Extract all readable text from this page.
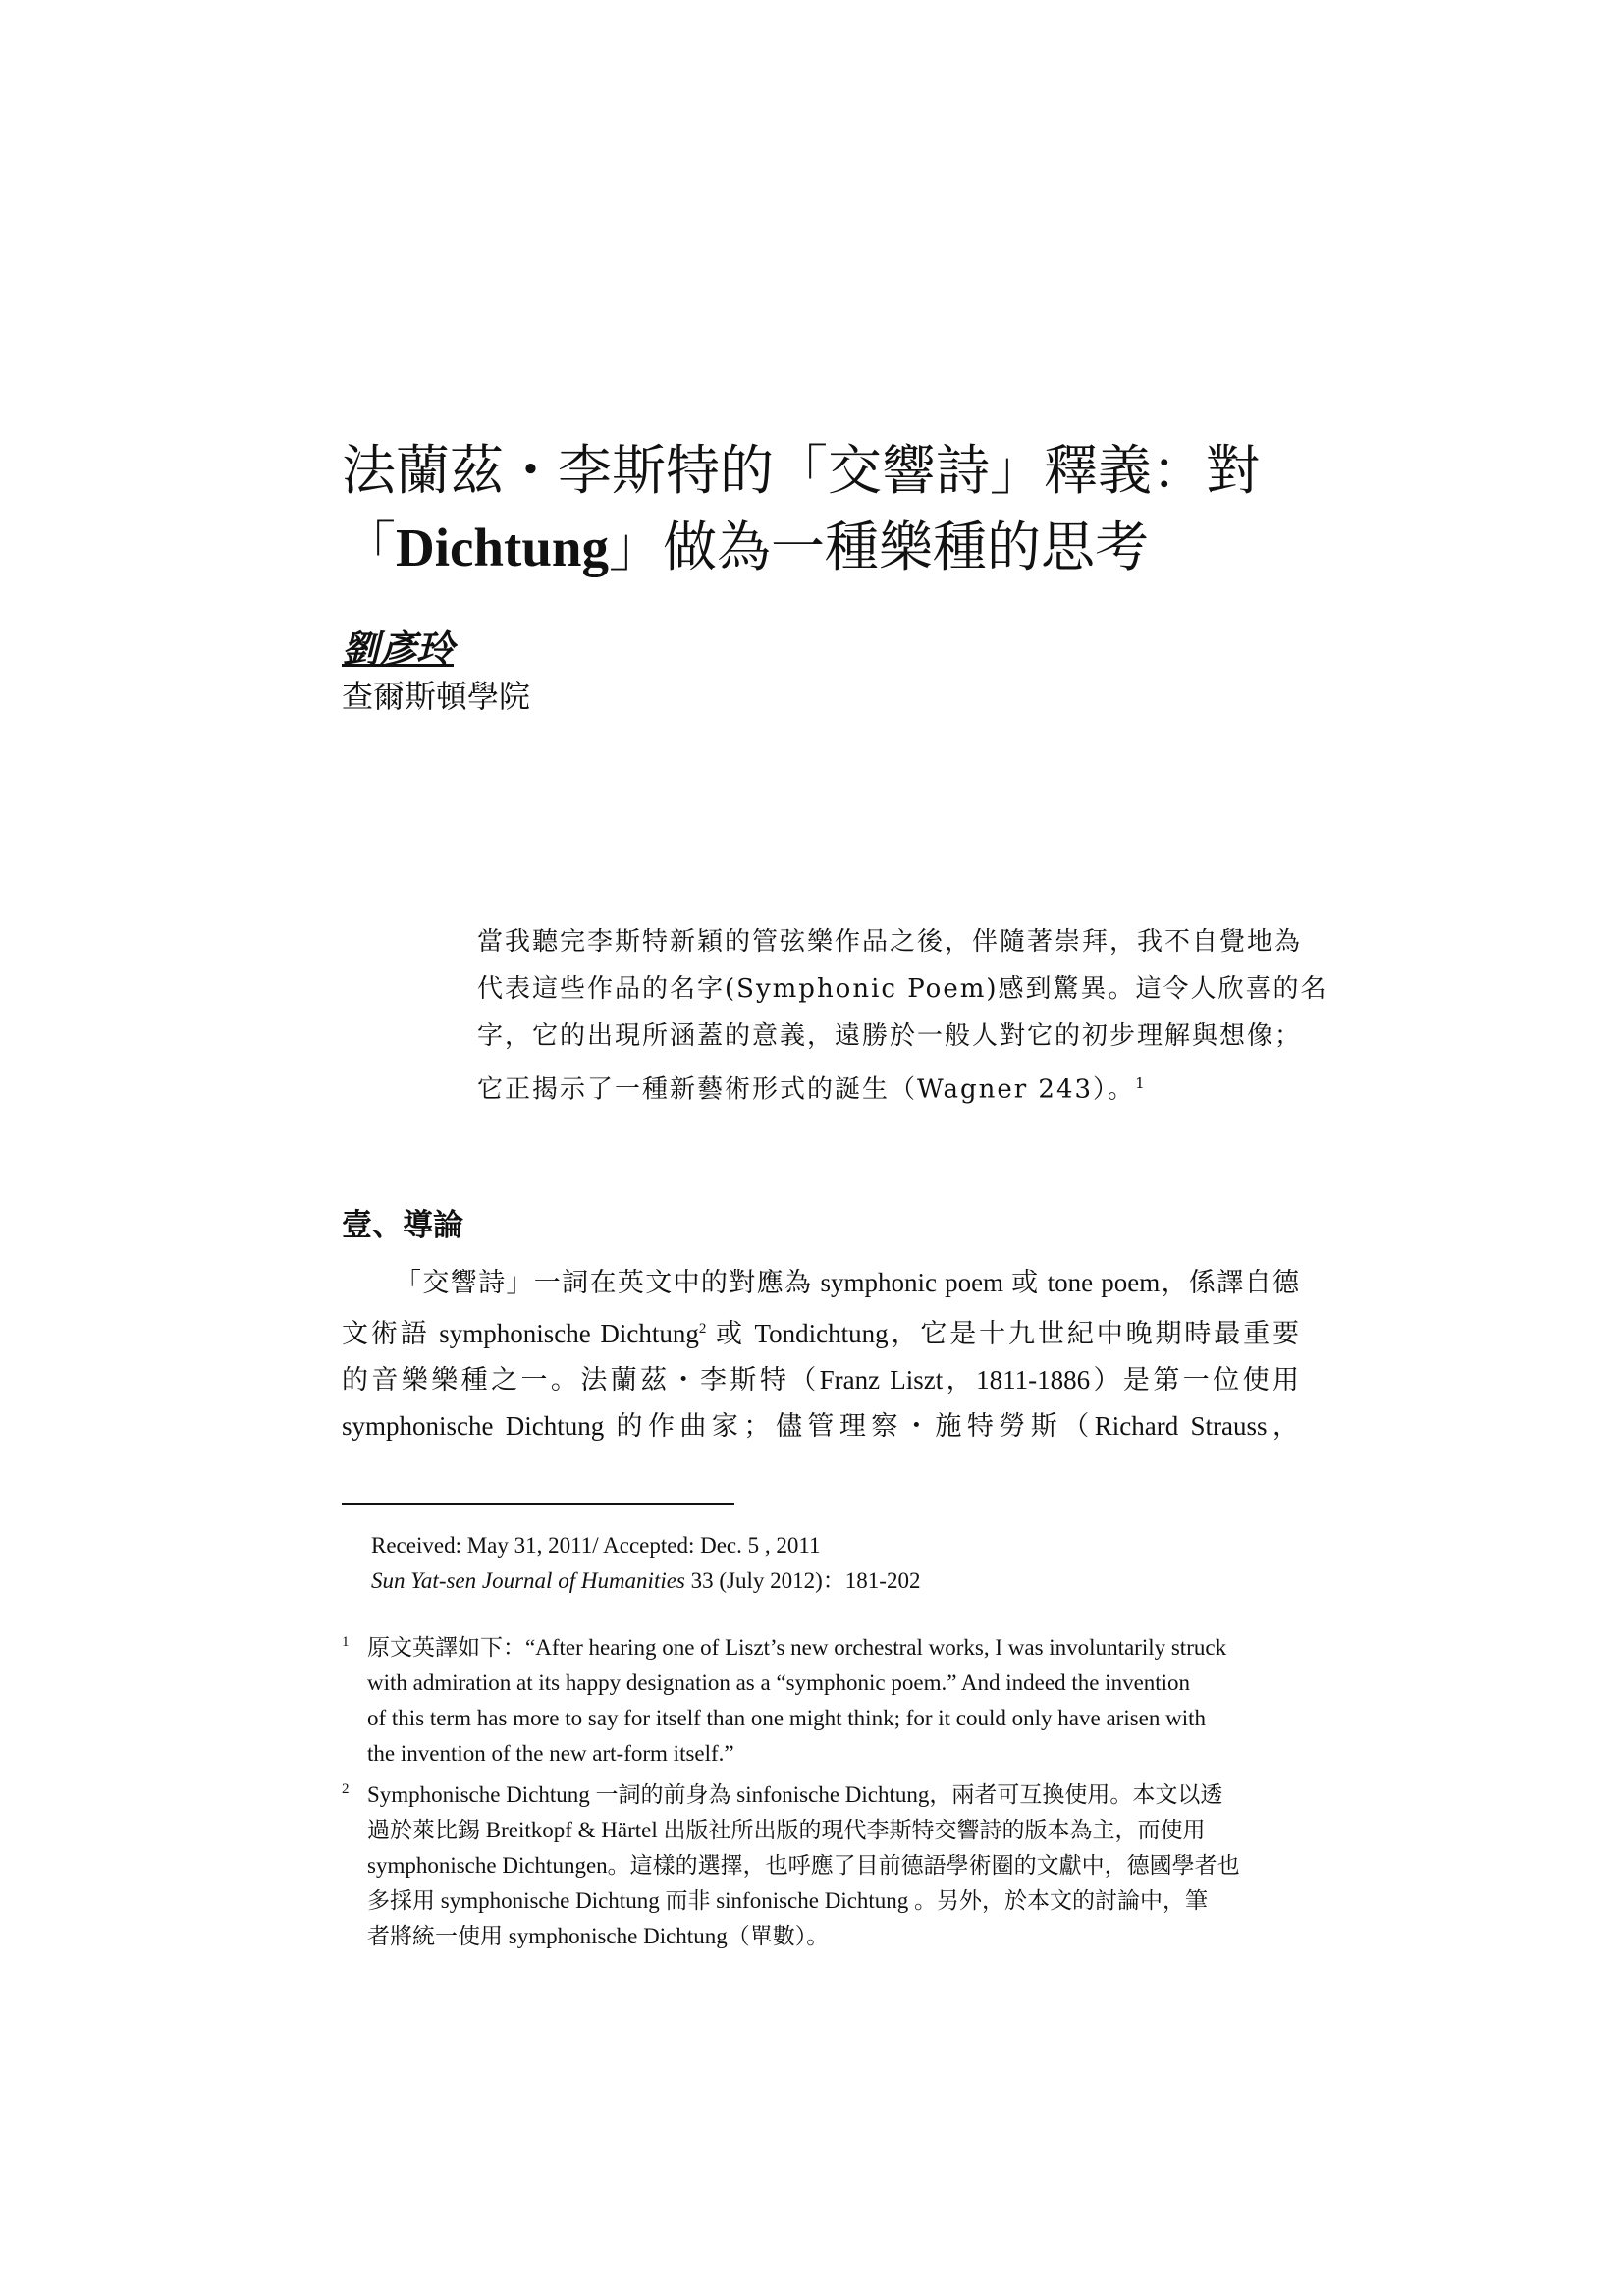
法蘭茲・李斯特的「交響詩」釋義：對
「Dichtung」做為一種樂種的思考
劉彥玲
查爾斯頓學院
當我聽完李斯特新穎的管弦樂作品之後，伴隨著崇拜，我不自覺地為
代表這些作品的名字(Symphonic Poem)感到驚異。這令人欣喜的名
字，它的出現所涵蓋的意義，遠勝於一般人對它的初步理解與想像；
它正揭示了一種新藝術形式的誕生（Wagner 243）。$^1$
壹、導論
「交響詩」一詞在英文中的對應為 symphonic poem 或 tone poem，係譯自德
文術語 symphonische Dichtung$^2$ 或 Tondichtung，它是十九世紀中晚期時最重要
的音樂樂種之一。法蘭茲・李斯特（Franz Liszt，1811-1886）是第一位使用
symphonische Dichtung 的作曲家；儘管理察・施特勞斯（Richard Strauss，
Received: May 31, 2011/ Accepted: Dec. 5 , 2011
Sun Yat-sen Journal of Humanities 33 (July 2012)：181-202
1 原文英譯如下：“After hearing one of Liszt’s new orchestral works, I was involuntarily struck
with admiration at its happy designation as a “symphonic poem.” And indeed the invention
of this term has more to say for itself than one might think; for it could only have arisen with
the invention of the new art-form itself.”
2 Symphonische Dichtung 一詞的前身為 sinfonische Dichtung，兩者可互換使用。本文以透
過於萊比錫 Breitkopf & Härtel 出版社所出版的現代李斯特交響詩的版本為主，而使用
symphonische Dichtungen。這樣的選擇，也呼應了目前德語學術圈的文獻中，德國學者也
多採用 symphonische Dichtung 而非 sinfonische Dichtung 。另外，於本文的討論中，筆
者將統一使用 symphonische Dichtung（單數）。
